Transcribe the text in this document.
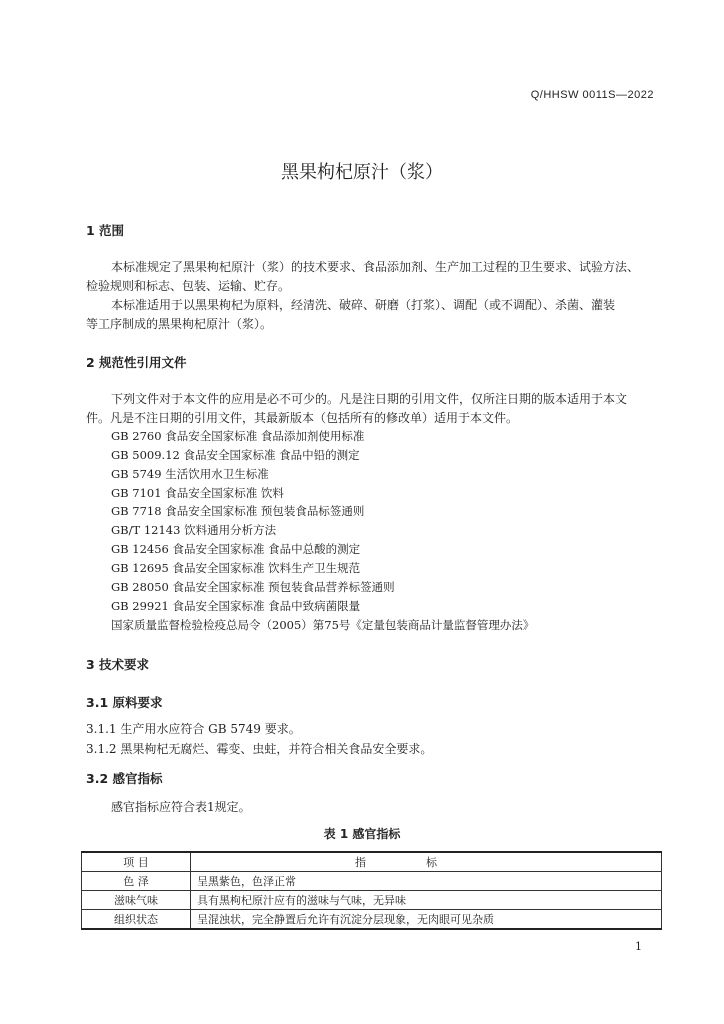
Q/HHSW 0011S—2022
黑果枸杞原汁（浆）
1 范围
本标准规定了黑果枸杞原汁（浆）的技术要求、食品添加剂、生产加工过程的卫生要求、试验方法、
检验规则和标志、包装、运输、贮存。
本标准适用于以黑果枸杞为原料，经清洗、破碎、研磨（打浆）、调配（或不调配）、杀菌、灌装
等工序制成的黑果枸杞原汁（浆）。
2 规范性引用文件
下列文件对于本文件的应用是必不可少的。凡是注日期的引用文件，仅所注日期的版本适用于本文
件。凡是不注日期的引用文件，其最新版本（包括所有的修改单）适用于本文件。
GB 2760 食品安全国家标准 食品添加剂使用标准
GB 5009.12 食品安全国家标准 食品中铅的测定
GB 5749 生活饮用水卫生标准
GB 7101 食品安全国家标准 饮料
GB 7718 食品安全国家标准 预包装食品标签通则
GB/T 12143 饮料通用分析方法
GB 12456 食品安全国家标准 食品中总酸的测定
GB 12695 食品安全国家标准 饮料生产卫生规范
GB 28050 食品安全国家标准 预包装食品营养标签通则
GB 29921 食品安全国家标准 食品中致病菌限量
国家质量监督检验检疫总局令（2005）第75号《定量包装商品计量监督管理办法》
3 技术要求
3.1 原料要求
3.1.1 生产用水应符合 GB 5749 要求。
3.1.2 黑果枸杞无腐烂、霉变、虫蛀，并符合相关食品安全要求。
3.2 感官指标
感官指标应符合表1规定。
表 1 感官指标
项 目	指标
色 泽	呈黑紫色，色泽正常
滋味气味	具有黑枸杞原汁应有的滋味与气味，无异味
组织状态	呈混浊状，完全静置后允许有沉淀分层现象，无肉眼可见杂质
1
